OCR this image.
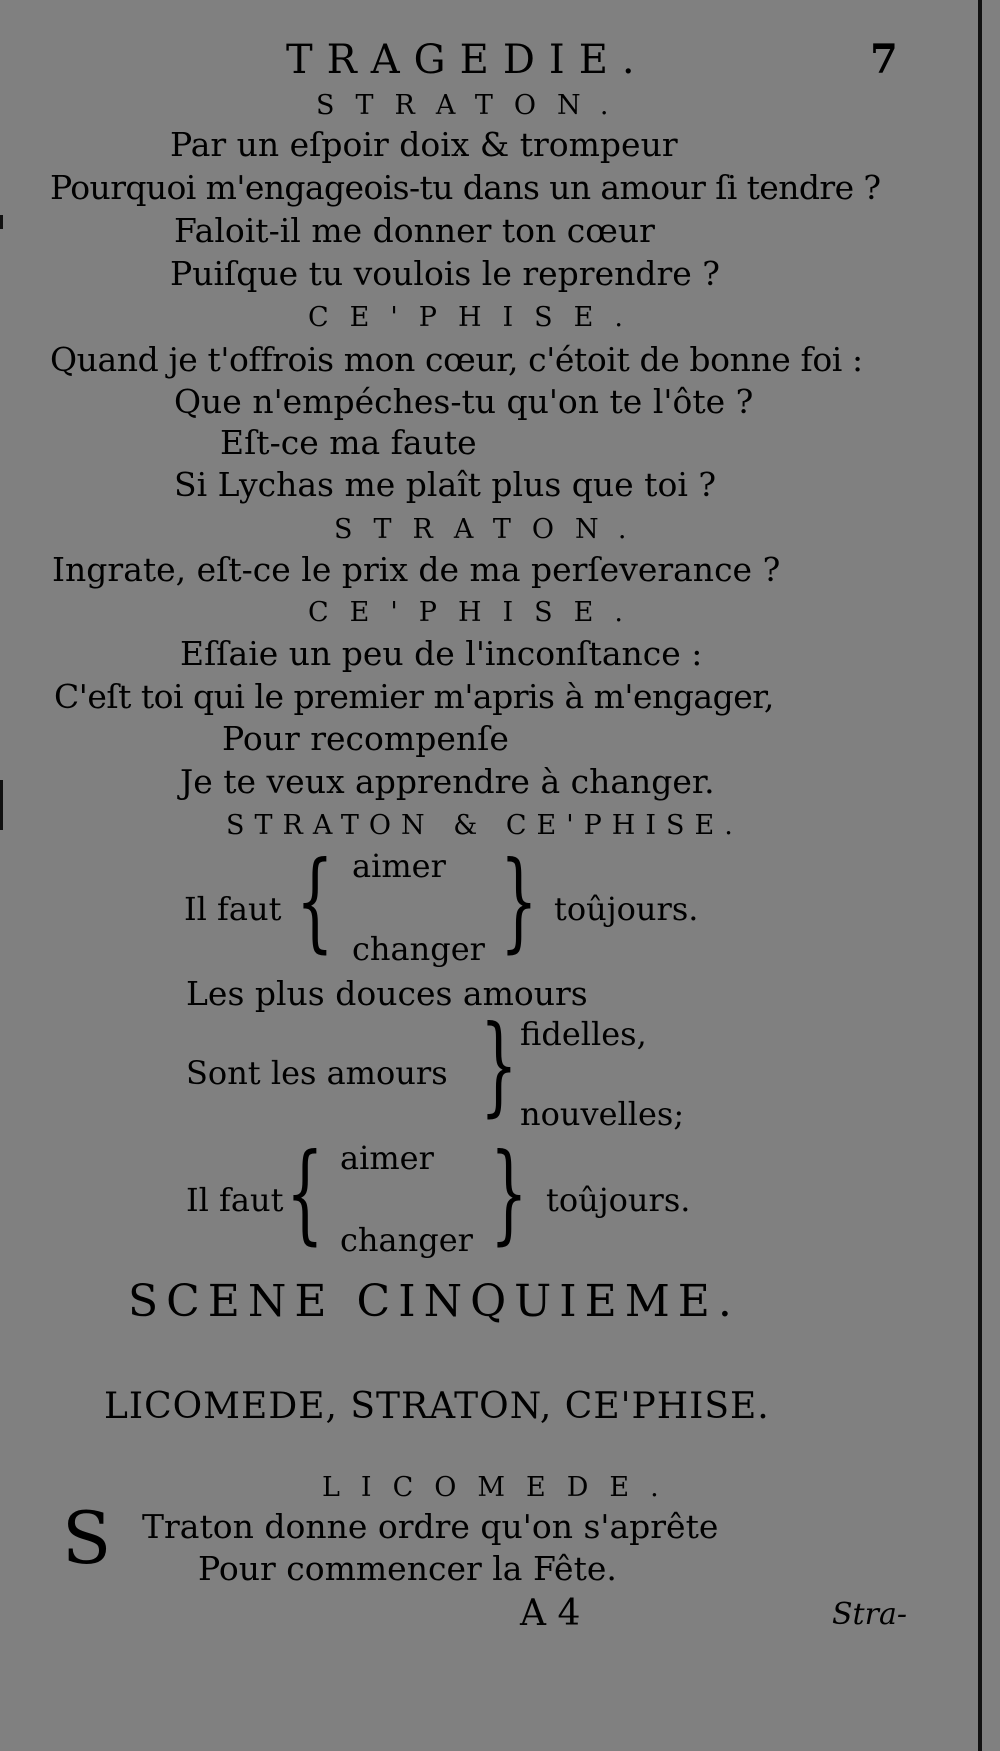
TRAGEDIE.	7
STRATON.
Par un eſpoir doix & trompeur
Pourquoi m'engageois-tu dans un amour ſi tendre ?
Faloit-il me donner ton cœur
Puiſque tu voulois le reprendre ?
CE'PHISE.
Quand je t'offrois mon cœur, c'étoit de bonne foi :
Que n'empéches-tu qu'on te l'ôte ?
Eſt-ce ma faute
Si Lychas me plaît plus que toi ?
STRATON.
Ingrate, eſt-ce le prix de ma perſeverance ?
CE'PHISE.
Eſſaie un peu de l'inconſtance :
C'eſt toi qui le premier m'apris à m'engager,
Pour recompenſe
Je te veux apprendre à changer.
STRATON & CE'PHISE.
aimer
Il faut { } toûjours.
changer
Les plus douces amours
fidelles,
Sont les amours } nouvelles;
aimer
Il faut { } toûjours.
changer
SCENE CINQUIEME.
LICOMEDE, STRATON, CE'PHISE.
LICOMEDE.
S Traton donne ordre qu'on s'aprête
Pour commencer la Fête.
A 4	Stra-
